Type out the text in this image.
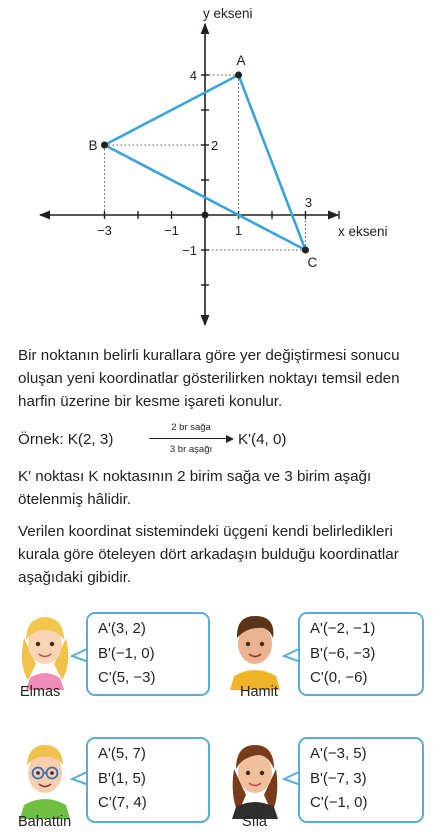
−3	−1	1
3
4
2
−1
y ekseni
x ekseni
A
B
C

Bir noktanın belirli kurallara göre yer değiştirmesi sonucu oluşan yeni koordinatlar gösterilirken noktayı temsil eden harfin üzerine bir kesme işareti konulur.

Örnek: K(2, 3)
2 br sağa
3 br aşağı
K'(4, 0)

K' noktası K noktasının 2 birim sağa ve 3 birim aşağı ötelenmiş hâlidir.

Verilen koordinat sistemindeki üçgeni kendi belirledikleri kurala göre öteleyen dört arkadaşın bulduğu koordinatlar aşağıdaki gibidir.

Elmas
A'(3, 2)
B'(−1, 0)
C'(5, −3)
Hamit
A'(−2, −1)
B'(−6, −3)
C'(0, −6)
Bahattin
A'(5, 7)
B'(1, 5)
C'(7, 4)
Sıla
A'(−3, 5)
B'(−7, 3)
C'(−1, 0)
